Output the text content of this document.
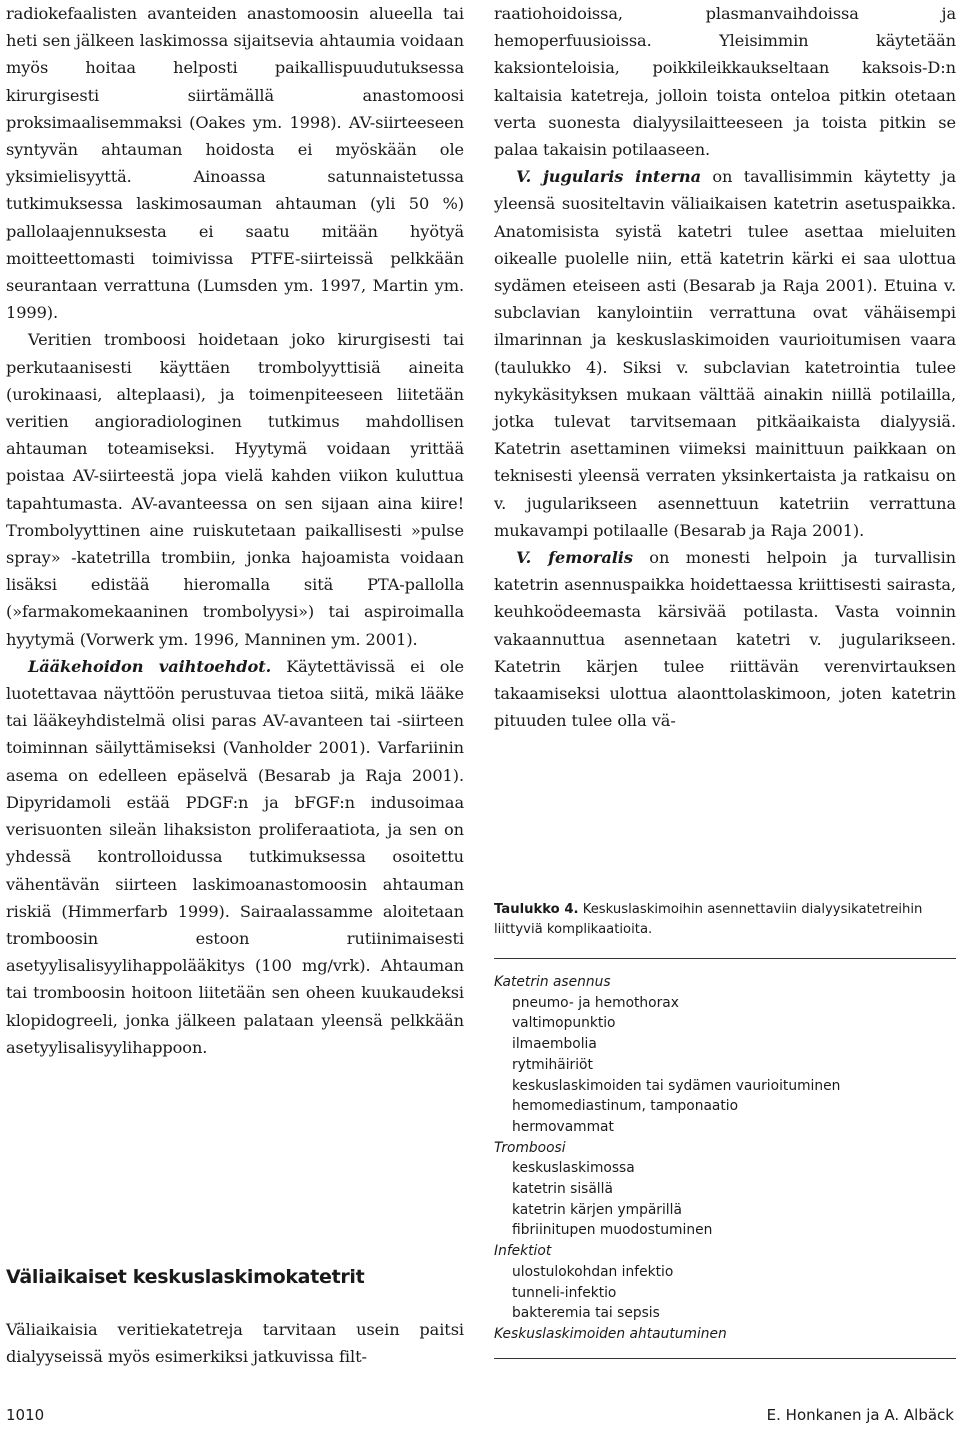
radiokefaalisten avanteiden anastomoosin alueella tai heti sen jälkeen laskimossa sijaitsevia ahtaumia voidaan myös hoitaa helposti paikallispuudutuksessa kirurgisesti siirtämällä anastomoosi proksimaalisemmaksi (Oakes ym. 1998). AV-siirteeseen syntyvän ahtauman hoidosta ei myöskään ole yksimielisyyttä. Ainoassa satunnaistetussa tutkimuksessa laskimosauman ahtauman (yli 50 %) pallolaajennuksesta ei saatu mitään hyötyä moitteettomasti toimivissa PTFE-siirteissä pelkkään seurantaan verrattuna (Lumsden ym. 1997, Martin ym. 1999).

Veritien tromboosi hoidetaan joko kirurgisesti tai perkutaanisesti käyttäen trombolyyttisiä aineita (urokinaasi, alteplaasi), ja toimenpiteeseen liitetään veritien angioradiologinen tutkimus mahdollisen ahtauman toteamiseksi. Hyytymä voidaan yrittää poistaa AV-siirteestä jopa vielä kahden viikon kuluttua tapahtumasta. AV-avanteessa on sen sijaan aina kiire! Trombolyyttinen aine ruiskutetaan paikallisesti »pulse spray» -katetrilla trombiin, jonka hajoamista voidaan lisäksi edistää hieromalla sitä PTA-pallolla (»farmakomekaaninen trombolyysi») tai aspiroimalla hyytymä (Vorwerk ym. 1996, Manninen ym. 2001).

Lääkehoidon vaihtoehdot. Käytettävissä ei ole luotettavaa näyttöön perustuvaa tietoa siitä, mikä lääke tai lääkeyhdistelmä olisi paras AV-avanteen tai -siirteen toiminnan säilyttämiseksi (Vanholder 2001). Varfariinin asema on edelleen epäselvä (Besarab ja Raja 2001). Dipyridamoli estää PDGF:n ja bFGF:n indusoimaa verisuonten sileän lihaksiston proliferaatiota, ja sen on yhdessä kontrolloidussa tutkimuksessa osoitettu vähentävän siirteen laskimoanastomoosin ahtauman riskiä (Himmerfarb 1999). Sairaalassamme aloitetaan tromboosin estoon rutiinimaisesti asetyylisalisyylihappolääkitys (100 mg/vrk). Ahtauman tai tromboosin hoitoon liitetään sen oheen kuukaudeksi klopidogreeli, jonka jälkeen palataan yleensä pelkkään asetyylisalisyylihappoon.

Väliaikaiset keskuslaskimokatetrit

Väliaikaisia veritiekatetreja tarvitaan usein paitsi dialyyseissä myös esimerkiksi jatkuvissa filt-

raatiohoidoissa, plasmanvaihdoissa ja hemoperfuusioissa. Yleisimmin käytetään kaksionteloisia, poikkileikkaukseltaan kaksois-D:n kaltaisia katetreja, jolloin toista onteloa pitkin otetaan verta suonesta dialyysilaitteeseen ja toista pitkin se palaa takaisin potilaaseen.

V. jugularis interna on tavallisimmin käytetty ja yleensä suositeltavin väliaikaisen katetrin asetuspaikka. Anatomisista syistä katetri tulee asettaa mieluiten oikealle puolelle niin, että katetrin kärki ei saa ulottua sydämen eteiseen asti (Besarab ja Raja 2001). Etuina v. subclavian kanylointiin verrattuna ovat vähäisempi ilmarinnan ja keskuslaskimoiden vaurioitumisen vaara (taulukko 4). Siksi v. subclavian katetrointia tulee nykykäsityksen mukaan välttää ainakin niillä potilailla, jotka tulevat tarvitsemaan pitkäaikaista dialyysiä. Katetrin asettaminen viimeksi mainittuun paikkaan on teknisesti yleensä verraten yksinkertaista ja ratkaisu on v. jugularikseen asennettuun katetriin verrattuna mukavampi potilaalle (Besarab ja Raja 2001).

V. femoralis on monesti helpoin ja turvallisin katetrin asennuspaikka hoidettaessa kriittisesti sairasta, keuhkoödeemasta kärsivää potilasta. Vasta voinnin vakaannuttua asennetaan katetri v. jugularikseen. Katetrin kärjen tulee riittävän verenvirtauksen takaamiseksi ulottua alaonttolaskimoon, joten katetrin pituuden tulee olla vä-

Taulukko 4. Keskuslaskimoihin asennettaviin dialyysikatetreihin liittyviä komplikaatioita.

Katetrin asennus

pneumo- ja hemothorax

valtimopunktio

ilmaembolia

rytmihäiriöt

keskuslaskimoiden tai sydämen vaurioituminen

hemomediastinum, tamponaatio

hermovammat

Tromboosi

keskuslaskimossa

katetrin sisällä

katetrin kärjen ympärillä

fibriinitupen muodostuminen

Infektiot

ulostulokohdan infektio

tunneli-infektio

bakteremia tai sepsis

Keskuslaskimoiden ahtautuminen

1010	E. Honkanen ja A. Albäck
